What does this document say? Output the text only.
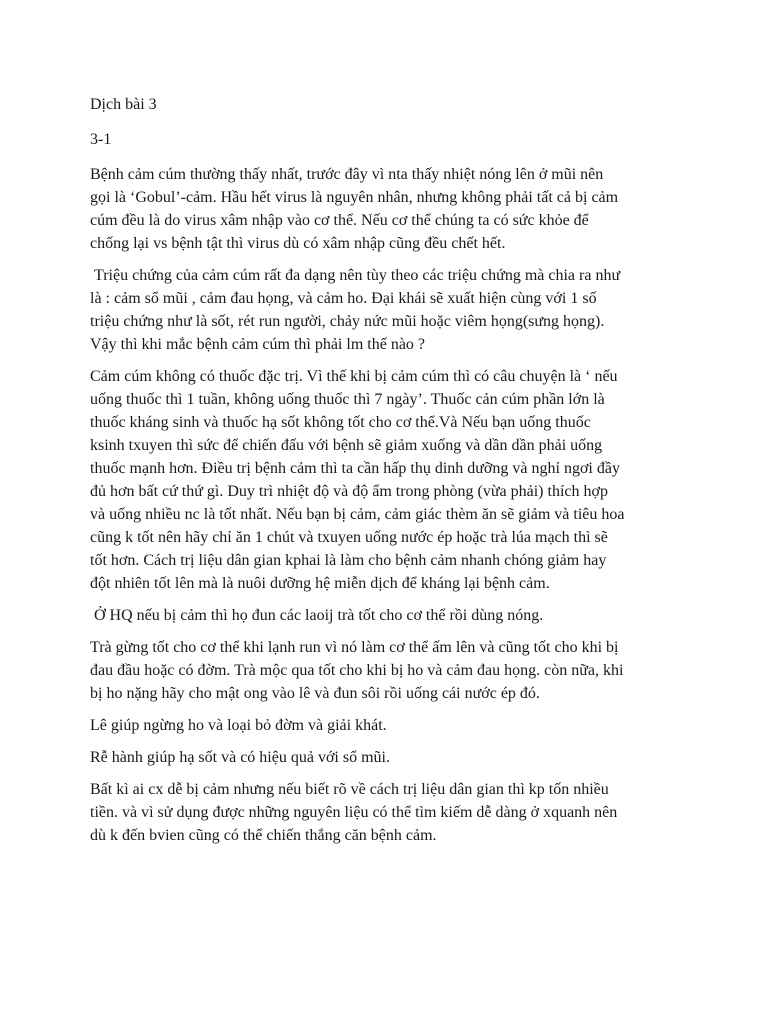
Dịch bài 3

3-1

Bệnh cảm cúm thường thấy nhất, trước đây vì nta thấy nhiệt nóng lên ở mũi nên

gọi là ‘Gobul’-cảm. Hầu hết virus là nguyên nhân, nhưng không phải tất cả bị cảm

cúm đều là do virus xâm nhập vào cơ thể. Nếu cơ thể chúng ta có sức khỏe để

chống lại vs bệnh tật thì virus dù có xâm nhập cũng đều chết hết.

Triệu chứng của cảm cúm rất đa dạng nên tùy theo các triệu chứng mà chia ra như

là : cảm sổ mũi , cảm đau họng, và cảm ho. Đại khái sẽ xuất hiện cùng với 1 số

triệu chứng như là sốt, rét run người, chảy nức mũi hoặc viêm họng(sưng họng).

Vậy thì khi mắc bệnh cảm cúm thì phải lm thế nào ?

Cảm cúm không có thuốc đặc trị. Vì thế khi bị cảm cúm thì có câu chuyện là ‘ nếu

uống thuốc thì 1 tuần, không uống thuốc thì 7 ngày’. Thuốc cản cúm phần lớn là

thuốc kháng sinh và thuốc hạ sốt không tốt cho cơ thể.Và Nếu bạn uống thuốc

ksinh txuyen thì sức để chiến đấu với bệnh sẽ giảm xuống và dần dần phải uống

thuốc mạnh hơn. Điều trị bệnh cảm thì ta cần hấp thụ dinh dưỡng và nghỉ ngơi đầy

đủ hơn bất cứ thứ gì. Duy trì nhiệt độ và độ ẩm trong phòng (vừa phải) thích hợp

và uống nhiều nc là tốt nhất. Nếu bạn bị cảm, cảm giác thèm ăn sẽ giảm và tiêu hoa

cũng k tốt nên hãy chỉ ăn 1 chút và txuyen uống nước ép hoặc trà lúa mạch thì sẽ

tốt hơn. Cách trị liệu dân gian kphai là làm cho bệnh cảm nhanh chóng giảm hay

đột nhiên tốt lên mà là nuôi dưỡng hệ miễn dịch để kháng lại bệnh cảm.

Ở HQ nếu bị cảm thì họ đun các laoij trà tốt cho cơ thể rồi dùng nóng.

Trà gừng tốt cho cơ thể khi lạnh run vì nó làm cơ thể ấm lên và cũng tốt cho khi bị

đau đầu hoặc có đờm. Trà mộc qua tốt cho khi bị ho và cảm đau họng. còn nữa, khi

bị ho nặng hãy cho mật ong vào lê và đun sôi rồi uống cái nước ép đó.

Lê giúp ngừng ho và loại bỏ đờm và giải khát.

Rễ hành giúp hạ sốt và có hiệu quả với sổ mũi.

Bất kì ai cx dễ bị cảm nhưng nếu biết rõ về cách trị liệu dân gian thì kp tốn nhiều

tiền. và vì sử dụng được những nguyên liệu có thể tìm kiếm dễ dàng ở xquanh nên

dù k đến bvien cũng có thể chiến thắng căn bệnh cảm.
